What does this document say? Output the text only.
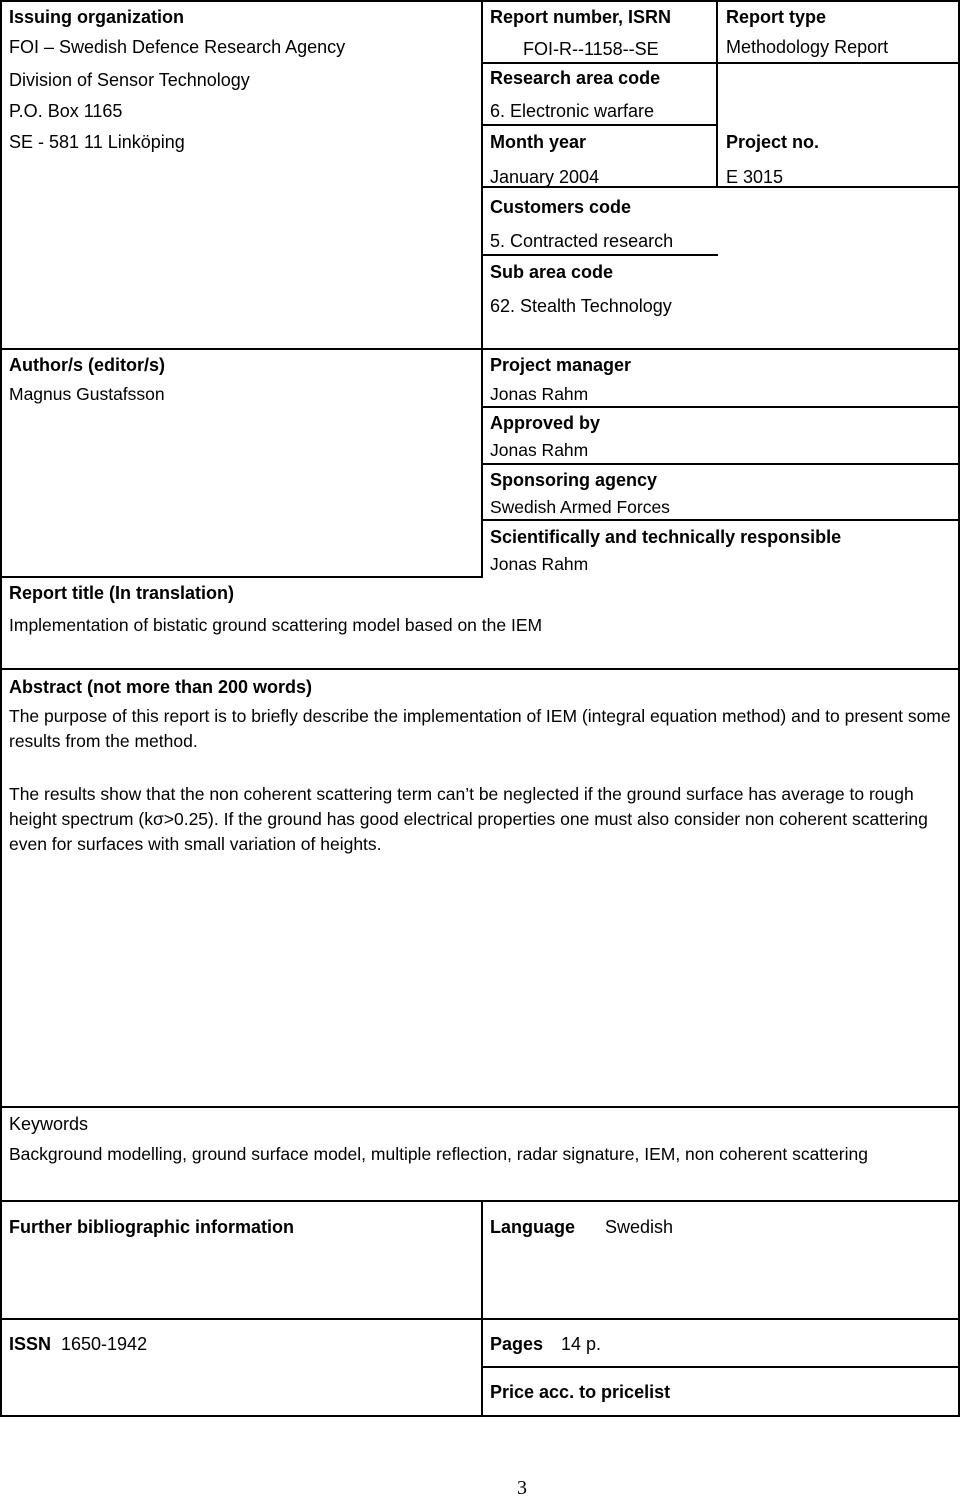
Issuing organization
FOI – Swedish Defence Research Agency
Division of Sensor Technology
P.O. Box 1165
SE - 581 11 Linköping
Report number, ISRN
FOI-R--1158--SE
Report type
Methodology Report
Research area code
6. Electronic warfare
Month year
January 2004
Project no.
E 3015
Customers code
5. Contracted research
Sub area code
62. Stealth Technology
Author/s (editor/s)
Magnus Gustafsson
Project manager
Jonas Rahm
Approved by
Jonas Rahm
Sponsoring agency
Swedish Armed Forces
Scientifically and technically responsible
Jonas Rahm
Report title (In translation)
Implementation of bistatic ground scattering model based on the IEM
Abstract (not more than 200 words)
The purpose of this report is to briefly describe the implementation of IEM (integral equation method) and to present some results from the method.
The results show that the non coherent scattering term can’t be neglected if the ground surface has average to rough height spectrum (kσ>0.25). If the ground has good electrical properties one must also consider non coherent scattering even for surfaces with small variation of heights.
Keywords
Background modelling, ground surface model, multiple reflection, radar signature, IEM, non coherent scattering
Further bibliographic information	Language Swedish
ISSN 1650-1942	Pages 14 p.
Price acc. to pricelist
3
